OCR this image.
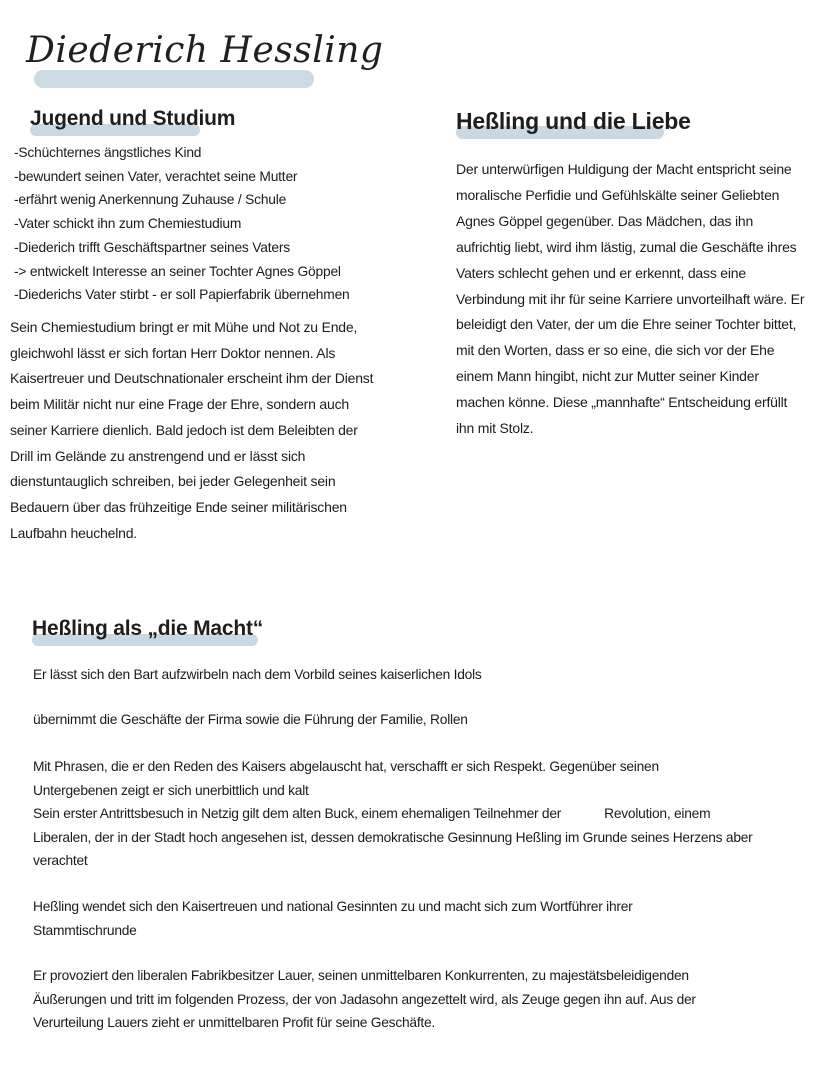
Diederich Hessling
Jugend und Studium
-Schüchternes ängstliches Kind
-bewundert seinen Vater, verachtet seine Mutter
-erfährt wenig Anerkennung Zuhause / Schule
-Vater schickt ihn zum Chemiestudium
-Diederich trifft Geschäftspartner seines Vaters
-> entwickelt Interesse an seiner Tochter Agnes Göppel
-Diederichs Vater stirbt - er soll Papierfabrik übernehmen

Sein Chemiestudium bringt er mit Mühe und Not zu Ende, gleichwohl lässt er sich fortan Herr Doktor nennen. Als Kaisertreuer und Deutschnationaler erscheint ihm der Dienst beim Militär nicht nur eine Frage der Ehre, sondern auch seiner Karriere dienlich. Bald jedoch ist dem Beleibten der Drill im Gelände zu anstrengend und er lässt sich dienstuntauglich schreiben, bei jeder Gelegenheit sein Bedauern über das frühzeitige Ende seiner militärischen Laufbahn heuchelnd.

Heßling und die Liebe

Der unterwürfigen Huldigung der Macht entspricht seine moralische Perfidie und Gefühlskälte seiner Geliebten Agnes Göppel gegenüber. Das Mädchen, das ihn aufrichtig liebt, wird ihm lästig, zumal die Geschäfte ihres Vaters schlecht gehen und er erkennt, dass eine Verbindung mit ihr für seine Karriere unvorteilhaft wäre. Er beleidigt den Vater, der um die Ehre seiner Tochter bittet, mit den Worten, dass er so eine, die sich vor der Ehe einem Mann hingibt, nicht zur Mutter seiner Kinder machen könne. Diese „mannhafte“ Entscheidung erfüllt ihn mit Stolz.

Heßling als „die Macht“

Er lässt sich den Bart aufzwirbeln nach dem Vorbild seines kaiserlichen Idols

übernimmt die Geschäfte der Firma sowie die Führung der Familie, Rollen

Mit Phrasen, die er den Reden des Kaisers abgelauscht hat, verschafft er sich Respekt. Gegenüber seinen Untergebenen zeigt er sich unerbittlich und kalt

Sein erster Antrittsbesuch in Netzig gilt dem alten Buck, einem ehemaligen Teilnehmer der            Revolution, einem Liberalen, der in der Stadt hoch angesehen ist, dessen demokratische Gesinnung Heßling im Grunde seines Herzens aber verachtet

Heßling wendet sich den Kaisertreuen und national Gesinnten zu und macht sich zum Wortführer ihrer Stammtischrunde

Er provoziert den liberalen Fabrikbesitzer Lauer, seinen unmittelbaren Konkurrenten, zu majestätsbeleidigenden Äußerungen und tritt im folgenden Prozess, der von Jadasohn angezettelt wird, als Zeuge gegen ihn auf. Aus der Verurteilung Lauers zieht er unmittelbaren Profit für seine Geschäfte.
